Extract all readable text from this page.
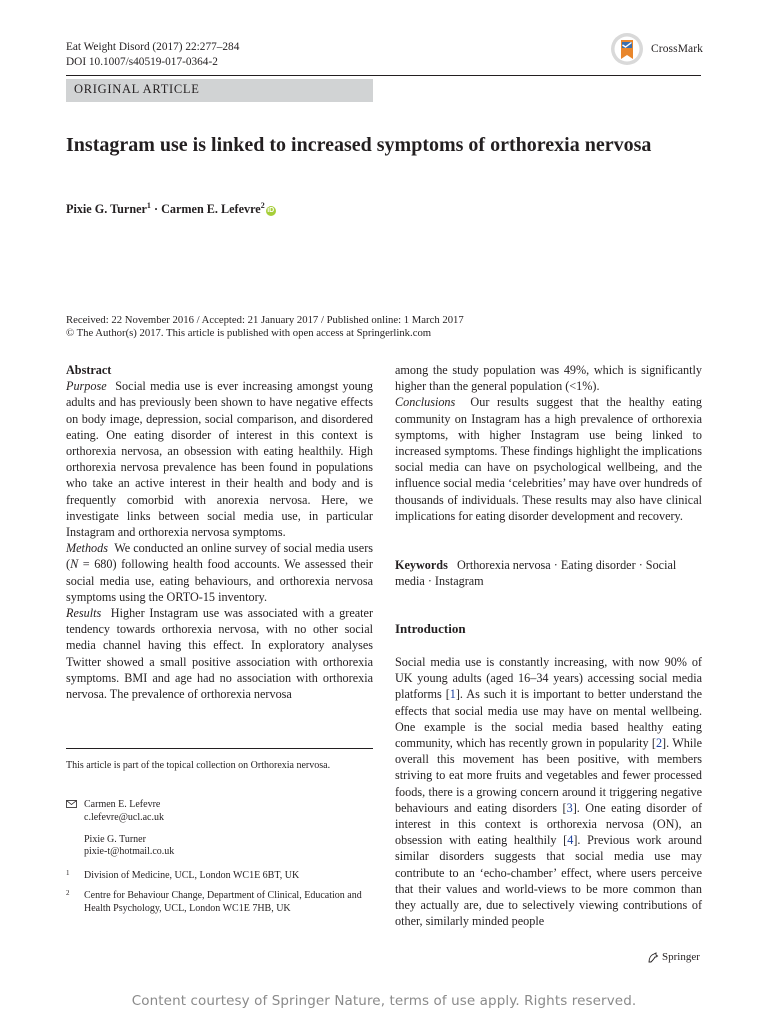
Eat Weight Disord (2017) 22:277–284
DOI 10.1007/s40519-017-0364-2
CrossMark
ORIGINAL ARTICLE
Instagram use is linked to increased symptoms of orthorexia nervosa
Pixie G. Turner$^1$ · Carmen E. Lefevre$^2$iD
Received: 22 November 2016 / Accepted: 21 January 2017 / Published online: 1 March 2017
© The Author(s) 2017. This article is published with open access at Springerlink.com

Abstract

Purpose Social media use is ever increasing amongst young adults and has previously been shown to have negative effects on body image, depression, social comparison, and disordered eating. One eating disorder of interest in this context is orthorexia nervosa, an obsession with eating healthily. High orthorexia nervosa prevalence has been found in populations who take an active interest in their health and body and is frequently comorbid with anorexia nervosa. Here, we investigate links between social media use, in particular Instagram and orthorexia nervosa symptoms.

Methods We conducted an online survey of social media users (N = 680) following health food accounts. We assessed their social media use, eating behaviours, and orthorexia nervosa symptoms using the ORTO-15 inventory.

Results Higher Instagram use was associated with a greater tendency towards orthorexia nervosa, with no other social media channel having this effect. In exploratory analyses Twitter showed a small positive association with orthorexia symptoms. BMI and age had no association with orthorexia nervosa. The prevalence of orthorexia nervosa

among the study population was 49%, which is significantly higher than the general population (<1%).

Conclusions Our results suggest that the healthy eating community on Instagram has a high prevalence of orthorexia symptoms, with higher Instagram use being linked to increased symptoms. These findings highlight the implications social media can have on psychological wellbeing, and the influence social media ‘celebrities’ may have over hundreds of thousands of individuals. These results may also have clinical implications for eating disorder development and recovery.

Keywords Orthorexia nervosa · Eating disorder · Social media · Instagram
Introduction
Social media use is constantly increasing, with now 90% of UK young adults (aged 16–34 years) accessing social media platforms [1]. As such it is important to better understand the effects that social media use may have on mental wellbeing. One example is the social media based healthy eating community, which has recently grown in popularity [2]. While overall this movement has been positive, with members striving to eat more fruits and vegetables and fewer processed foods, there is a growing concern around it triggering negative behaviours and eating disorders [3]. One eating disorder of interest in this context is orthorexia nervosa (ON), an obsession with eating healthily [4]. Previous work around similar disorders suggests that social media use may contribute to an ‘echo-chamber’ effect, where users perceive that their values and world-views to be more common than they actually are, due to selectively viewing contributions of other, similarly minded people
This article is part of the topical collection on Orthorexia nervosa.
Carmen E. Lefevre
c.lefevre@ucl.ac.uk
Pixie G. Turner
pixie-t@hotmail.co.uk
1 Division of Medicine, UCL, London WC1E 6BT, UK
2 Centre for Behaviour Change, Department of Clinical, Education and Health Psychology, UCL, London WC1E 7HB, UK
Springer
Content courtesy of Springer Nature, terms of use apply. Rights reserved.
